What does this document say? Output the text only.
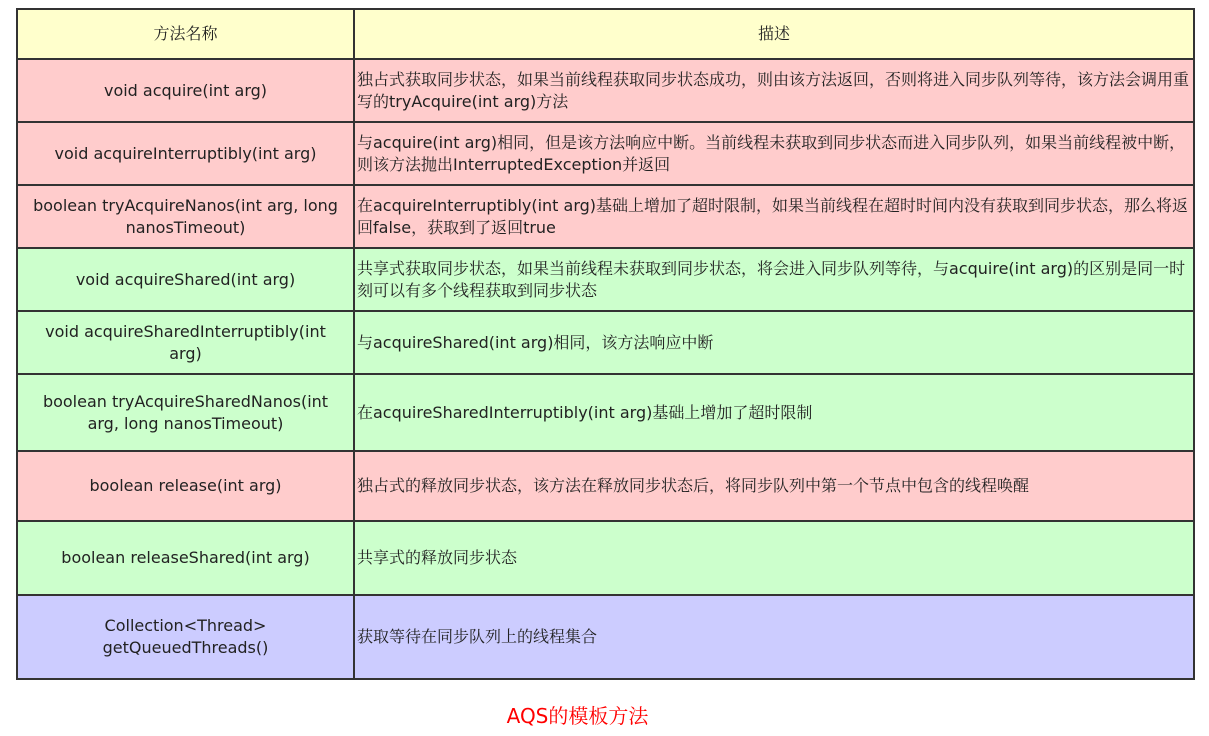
方法名称	描述
void acquire(int arg)	独占式获取同步状态，如果当前线程获取同步状态成功，则由该方法返回，否则将进入同步队列等待，该方法会调用重写的tryAcquire(int arg)方法
void acquireInterruptibly(int arg)	与acquire(int arg)相同，但是该方法响应中断。当前线程未获取到同步状态而进入同步队列，如果当前线程被中断，则该方法抛出InterruptedException并返回
boolean tryAcquireNanos(int arg, long nanosTimeout)	在acquireInterruptibly(int arg)基础上增加了超时限制，如果当前线程在超时时间内没有获取到同步状态，那么将返回false，获取到了返回true
void acquireShared(int arg)	共享式获取同步状态，如果当前线程未获取到同步状态，将会进入同步队列等待，与acquire(int arg)的区别是同一时刻可以有多个线程获取到同步状态
void acquireSharedInterruptibly(int arg)	与acquireShared(int arg)相同，该方法响应中断
boolean tryAcquireSharedNanos(int arg, long nanosTimeout)	在acquireSharedInterruptibly(int arg)基础上增加了超时限制
boolean release(int arg)	独占式的释放同步状态，该方法在释放同步状态后，将同步队列中第一个节点中包含的线程唤醒
boolean releaseShared(int arg)	共享式的释放同步状态
Collection<Thread> getQueuedThreads()	获取等待在同步队列上的线程集合
AQS的模板方法
